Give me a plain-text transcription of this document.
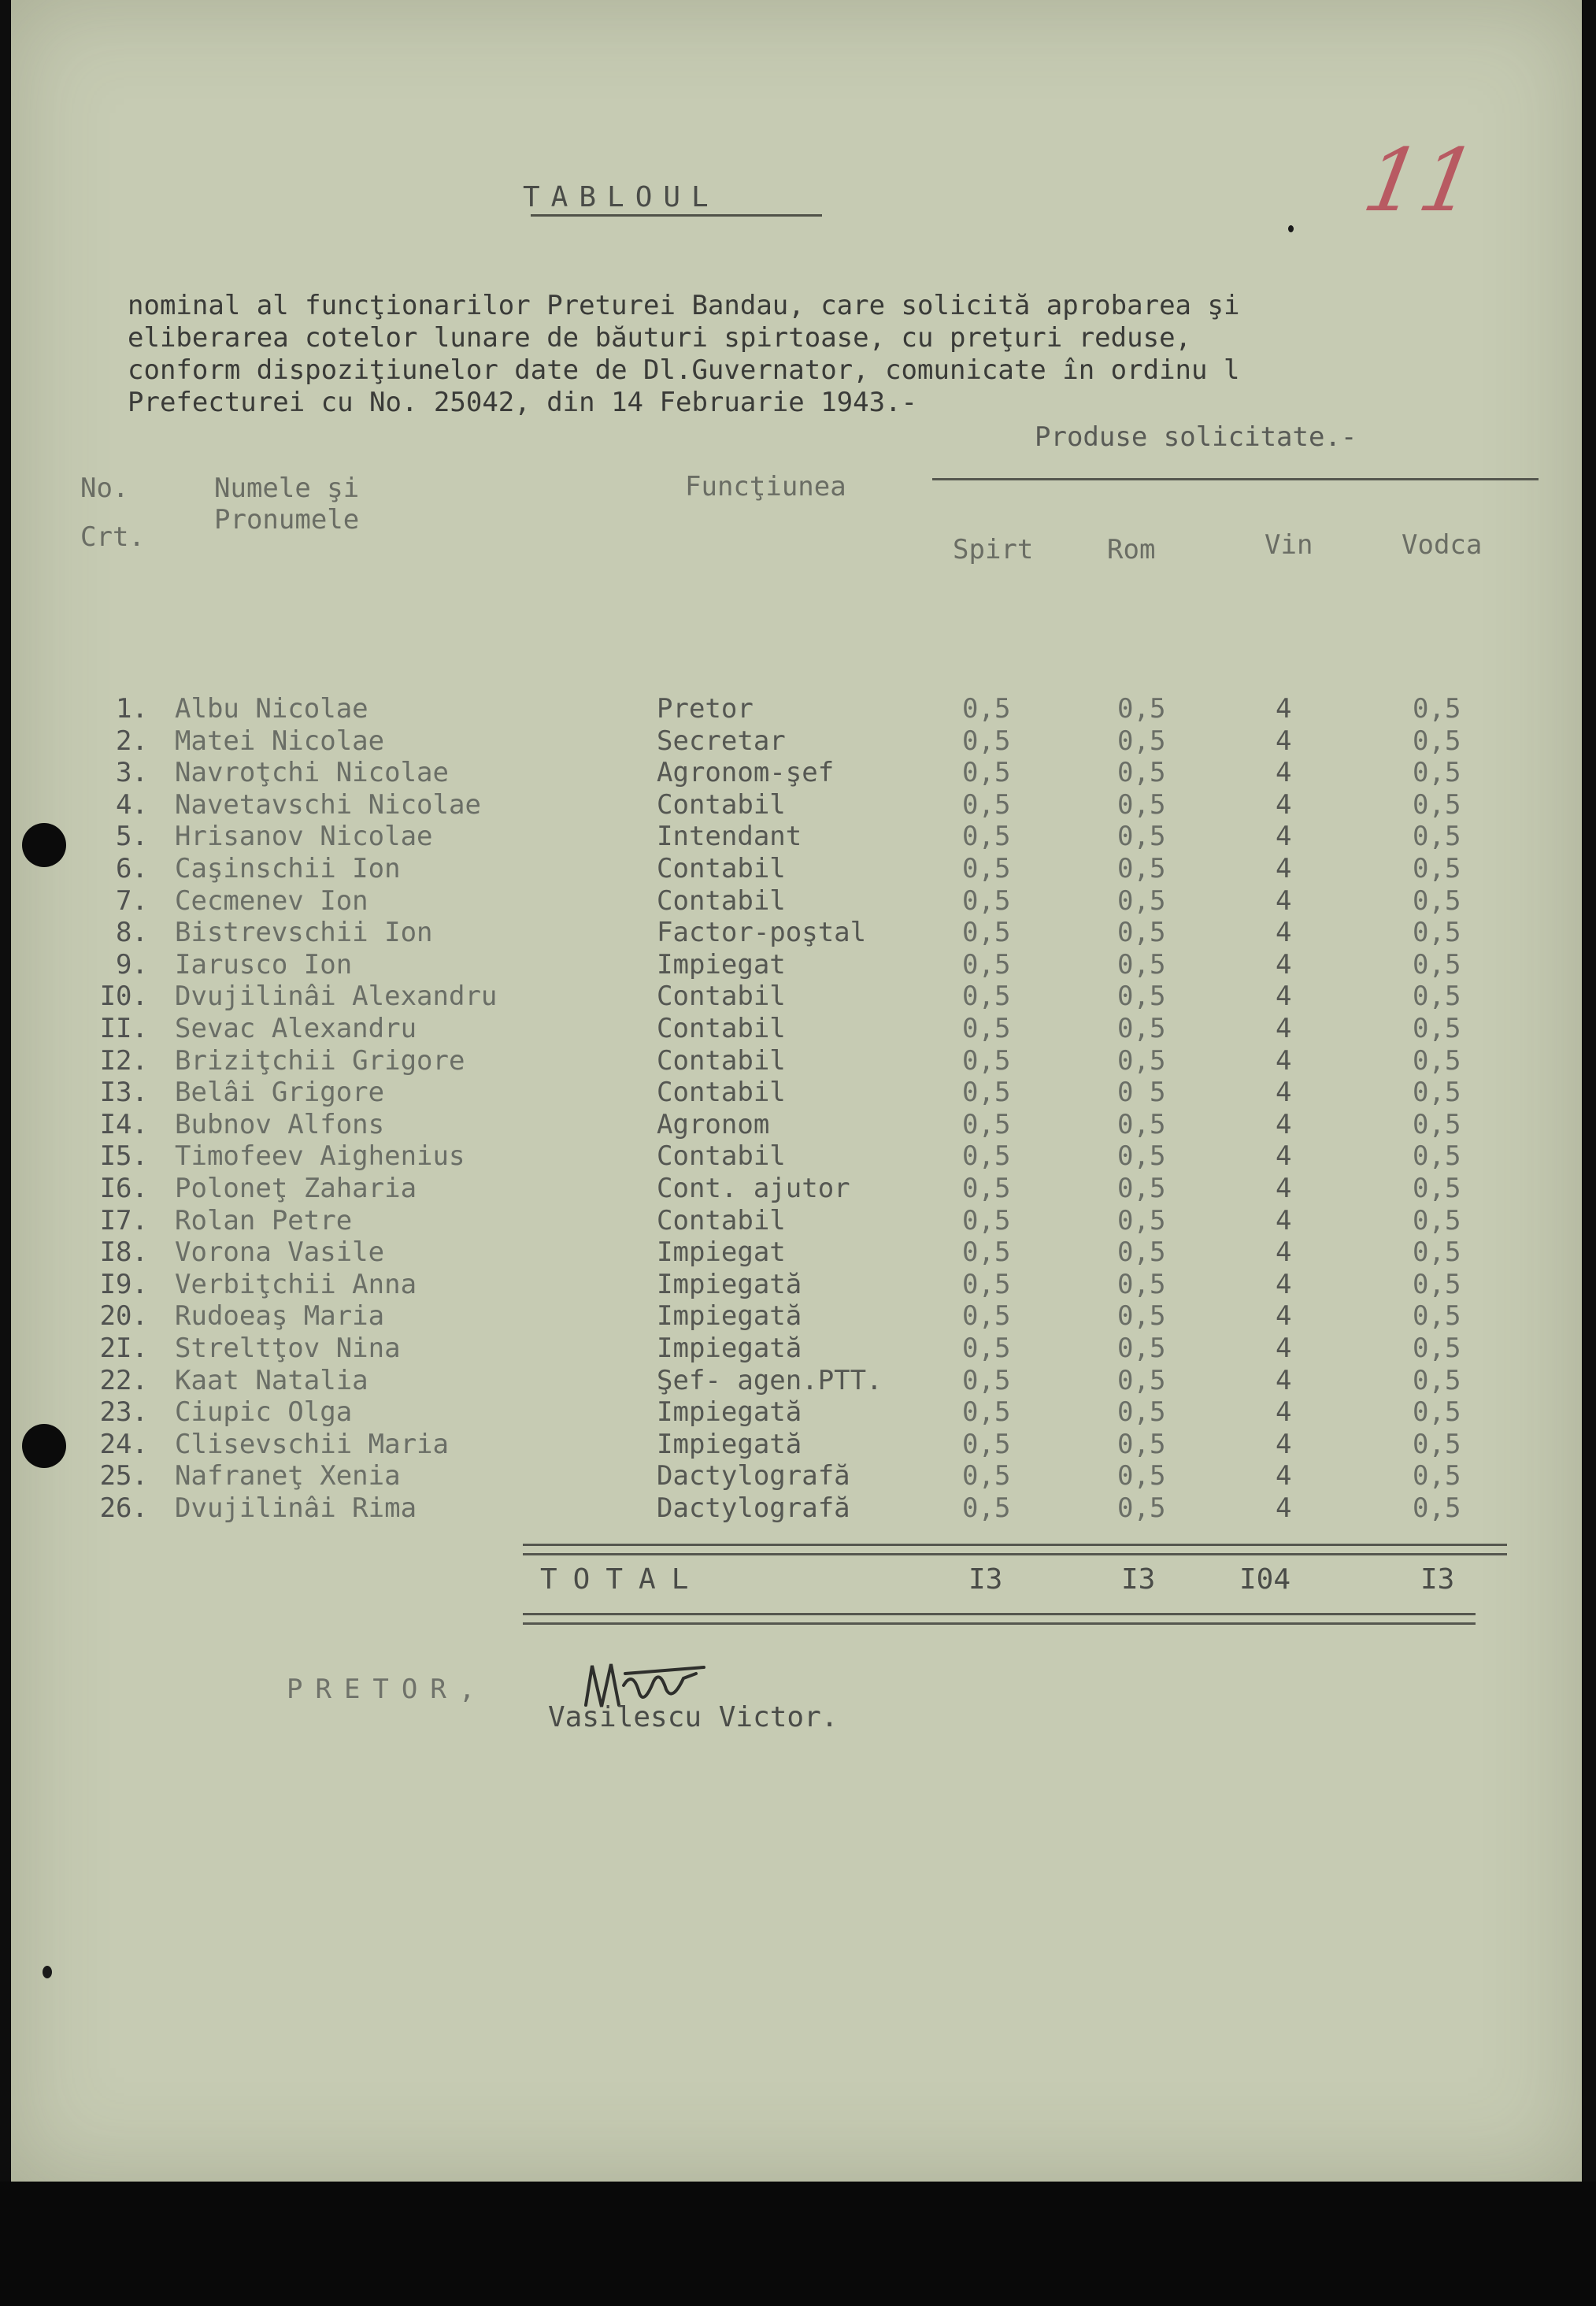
11
TABLOUL
nominal al funcţionarilor Preturei Bandau, care solicită aprobarea şi
eliberarea cotelor lunare de băuturi spirtoase, cu preţuri reduse,
conform dispoziţiunelor date de Dl.Guvernator, comunicate în ordinu l
Prefecturei cu No. 25042, din 14 Februarie 1943.-
Produse solicitate.-
No.
Crt.
Numele şi
Pronumele
Funcţiunea
Spirt	Rom	Vin	Vodca
1. Albu Nicolae	Pretor	0,5	0,5	4	0,5
2. Matei Nicolae	Secretar	0,5	0,5	4	0,5
3. Navroţchi Nicolae	Agronom-şef	0,5	0,5	4	0,5
4. Navetavschi Nicolae	Contabil	0,5	0,5	4	0,5
5. Hrisanov Nicolae	Intendant	0,5	0,5	4	0,5
6. Caşinschii Ion	Contabil	0,5	0,5	4	0,5
7. Cecmenev Ion	Contabil	0,5	0,5	4	0,5
8. Bistrevschii Ion	Factor-poştal	0,5	0,5	4	0,5
9. Iarusco Ion	Impiegat	0,5	0,5	4	0,5
I0. Dvujilinâi Alexandru	Contabil	0,5	0,5	4	0,5
II. Sevac Alexandru	Contabil	0,5	0,5	4	0,5
I2. Briziţchii Grigore	Contabil	0,5	0,5	4	0,5
I3. Belâi Grigore	Contabil	0,5	0 5	4	0,5
I4. Bubnov Alfons	Agronom	0,5	0,5	4	0,5
I5. Timofeev Aighenius	Contabil	0,5	0,5	4	0,5
I6. Poloneţ Zaharia	Cont. ajutor	0,5	0,5	4	0,5
I7. Rolan Petre	Contabil	0,5	0,5	4	0,5
I8. Vorona Vasile	Impiegat	0,5	0,5	4	0,5
I9. Verbiţchii Anna	Impiegată	0,5	0,5	4	0,5
20. Rudoeaş Maria	Impiegată	0,5	0,5	4	0,5
2I. Streltţov Nina	Impiegată	0,5	0,5	4	0,5
22. Kaat Natalia	Şef- agen.PTT.	0,5	0,5	4	0,5
23. Ciupic Olga	Impiegată	0,5	0,5	4	0,5
24. Clisevschii Maria	Impiegată	0,5	0,5	4	0,5
25. Nafraneţ Xenia	Dactylografă	0,5	0,5	4	0,5
26. Dvujilinâi Rima	Dactylografă	0,5	0,5	4	0,5
TOTAL	I3	I3	I04	I3
PRETOR,
Vasilescu Victor.
